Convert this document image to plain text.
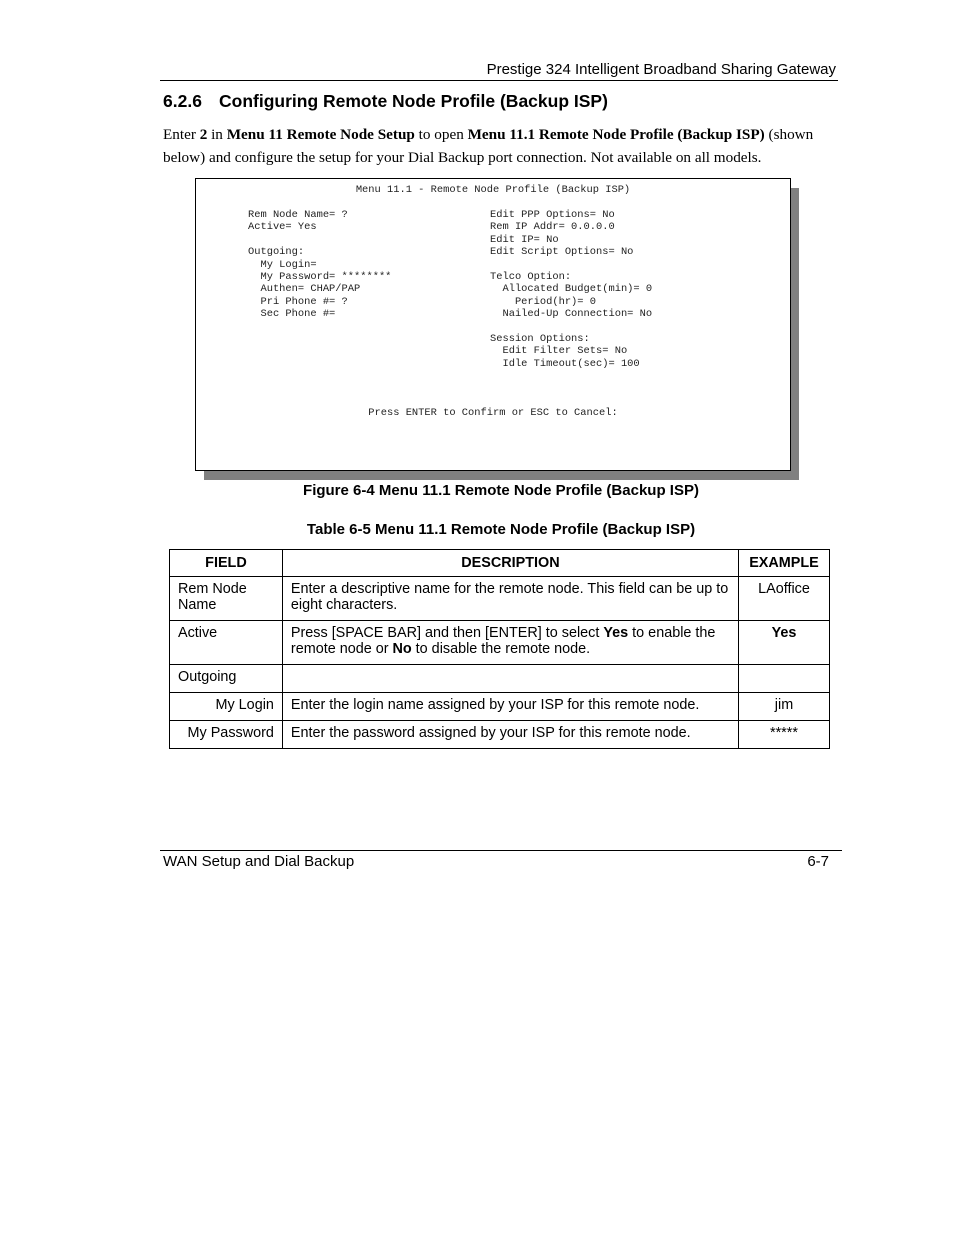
Prestige 324 Intelligent Broadband Sharing Gateway
6.2.6 Configuring Remote Node Profile (Backup ISP)
Enter 2 in Menu 11 Remote Node Setup to open Menu 11.1 Remote Node Profile (Backup ISP) (shown below) and configure the setup for your Dial Backup port connection. Not available on all models.
Menu 11.1 - Remote Node Profile (Backup ISP)
Rem Node Name= ?
Active= Yes

Outgoing:
My Login=
My Password= ********
Authen= CHAP/PAP
Pri Phone #= ?
Sec Phone #=
Edit PPP Options= No
Rem IP Addr= 0.0.0.0
Edit IP= No
Edit Script Options= No

Telco Option:
Allocated Budget(min)= 0
Period(hr)= 0
Nailed-Up Connection= No

Session Options:
Edit Filter Sets= No
Idle Timeout(sec)= 100
Press ENTER to Confirm or ESC to Cancel:
Figure 6-4 Menu 11.1 Remote Node Profile (Backup ISP)
Table 6-5 Menu 11.1 Remote Node Profile (Backup ISP)
FIELD	DESCRIPTION	EXAMPLE
Rem Node Name	Enter a descriptive name for the remote node. This field can be up to eight characters.	LAoffice
Active	Press [SPACE BAR] and then [ENTER] to select Yes to enable the remote node or No to disable the remote node.	Yes
Outgoing		
My Login	Enter the login name assigned by your ISP for this remote node.	jim
My Password	Enter the password assigned by your ISP for this remote node.	*****
WAN Setup and Dial Backup	6-7
